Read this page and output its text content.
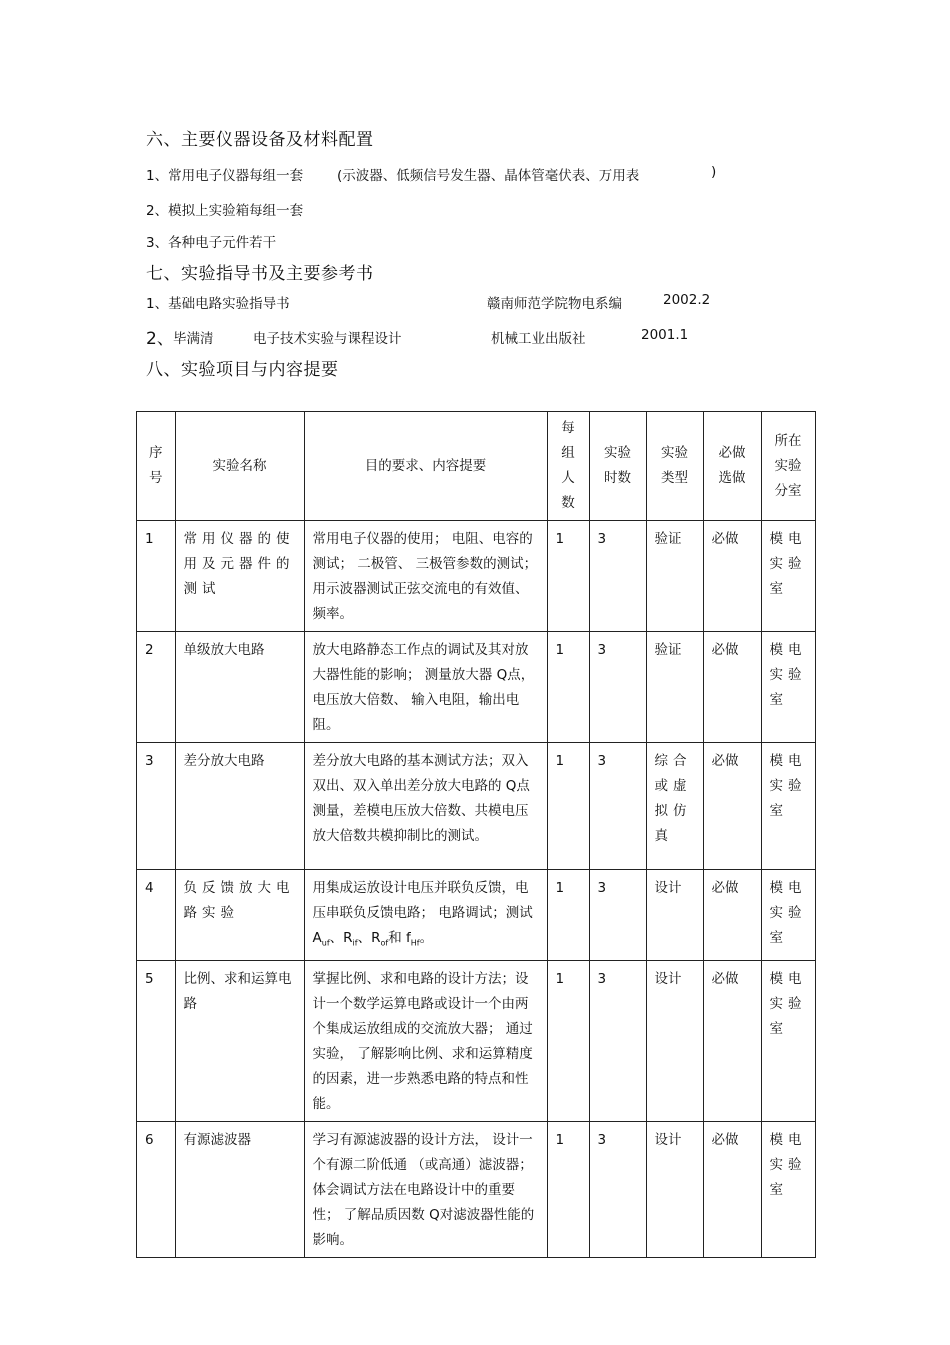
六、主要仪器设备及材料配置
1、常用电子仪器每组一套	(示波器、低频信号发生器、晶体管毫伏表、万用表	)
2、模拟上实验箱每组一套
3、各种电子元件若干
七、实验指导书及主要参考书
1、基础电路实验指导书	赣南师范学院物电系编	2002.2
2、 毕满清	电子技术实验与课程设计	机械工业出版社	2001.1
八、实验项目与内容提要
序号	实验名称	目的要求、内容提要	每组人数	实验时数	实验类型	必做选做	所在实验分室
1	常用仪器的使用及元器件的测试	常用电子仪器的使用； 电阻、电容的测试； 二极管、 三极管参数的测试；用示波器测试正弦交流电的有效值、频率。	1	3	验证	必做	模电实验室
2	单级放大电路	放大电路静态工作点的调试及其对放大器性能的影响； 测量放大器 Q点，电压放大倍数、 输入电阻，输出电阻。	1	3	验证	必做	模电实验室
3	差分放大电路	差分放大电路的基本测试方法；双入双出、双入单出差分放大电路的 Q点测量，差模电压放大倍数、共模电压放大倍数共模抑制比的测试。	1	3	综合或虚拟仿真	必做	模电实验室
4	负反馈放大电路实验	用集成运放设计电压并联负反馈，电压串联负反馈电路； 电路调试；测试 $A_{uf}$、$R_{if}$、$R_{of}$和 $f_{Hf}$。	1	3	设计	必做	模电实验室
5	比例、求和运算电路	掌握比例、求和电路的设计方法；设计一个数学运算电路或设计一个由两个集成运放组成的交流放大器； 通过实验， 了解影响比例、求和运算精度的因素，进一步熟悉电路的特点和性能。	1	3	设计	必做	模电实验室
6	有源滤波器	学习有源滤波器的设计方法， 设计一个有源二阶低通 （或高通）滤波器；体会调试方法在电路设计中的重要性； 了解品质因数 Q对滤波器性能的影响。	1	3	设计	必做	模电实验室
